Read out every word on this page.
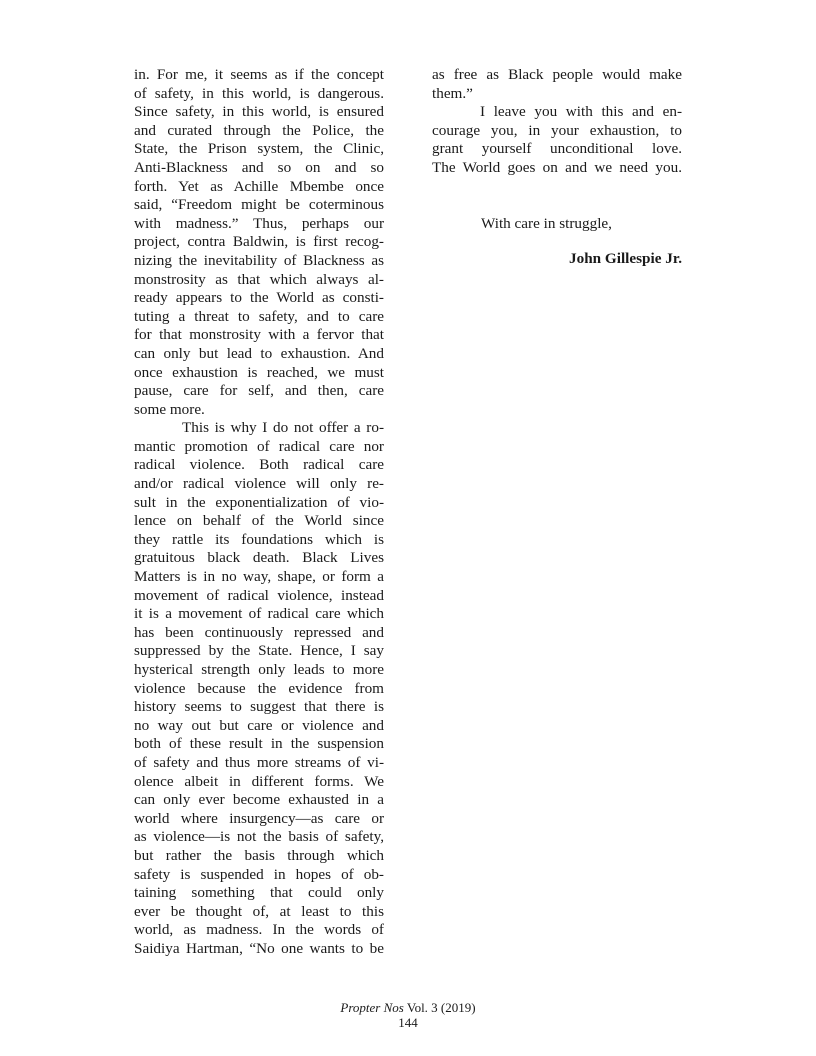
in. For me, it seems as if the concept
of safety, in this world, is dangerous.
Since safety, in this world, is ensured
and curated through the Police, the
State, the Prison system, the Clinic,
Anti-Blackness and so on and so
forth. Yet as Achille Mbembe once
said, “Freedom might be coterminous
with madness.” Thus, perhaps our
project, contra Baldwin, is first recog-
nizing the inevitability of Blackness as
monstrosity as that which always al-
ready appears to the World as consti-
tuting a threat to safety, and to care
for that monstrosity with a fervor that
can only but lead to exhaustion. And
once exhaustion is reached, we must
pause, care for self, and then, care
some more.
This is why I do not offer a ro-
mantic promotion of radical care nor
radical violence. Both radical care
and/or radical violence will only re-
sult in the exponentialization of vio-
lence on behalf of the World since
they rattle its foundations which is
gratuitous black death. Black Lives
Matters is in no way, shape, or form a
movement of radical violence, instead
it is a movement of radical care which
has been continuously repressed and
suppressed by the State. Hence, I say
hysterical strength only leads to more
violence because the evidence from
history seems to suggest that there is
no way out but care or violence and
both of these result in the suspension
of safety and thus more streams of vi-
olence albeit in different forms. We
can only ever become exhausted in a
world where insurgency—as care or
as violence—is not the basis of safety,
but rather the basis through which
safety is suspended in hopes of ob-
taining something that could only
ever be thought of, at least to this
world, as madness. In the words of
Saidiya Hartman, “No one wants to be
as free as Black people would make
them.”
I leave you with this and en-
courage you, in your exhaustion, to
grant yourself unconditional love.
The World goes on and we need you.
With care in struggle,
John Gillespie Jr.
Propter Nos Vol. 3 (2019)
144
